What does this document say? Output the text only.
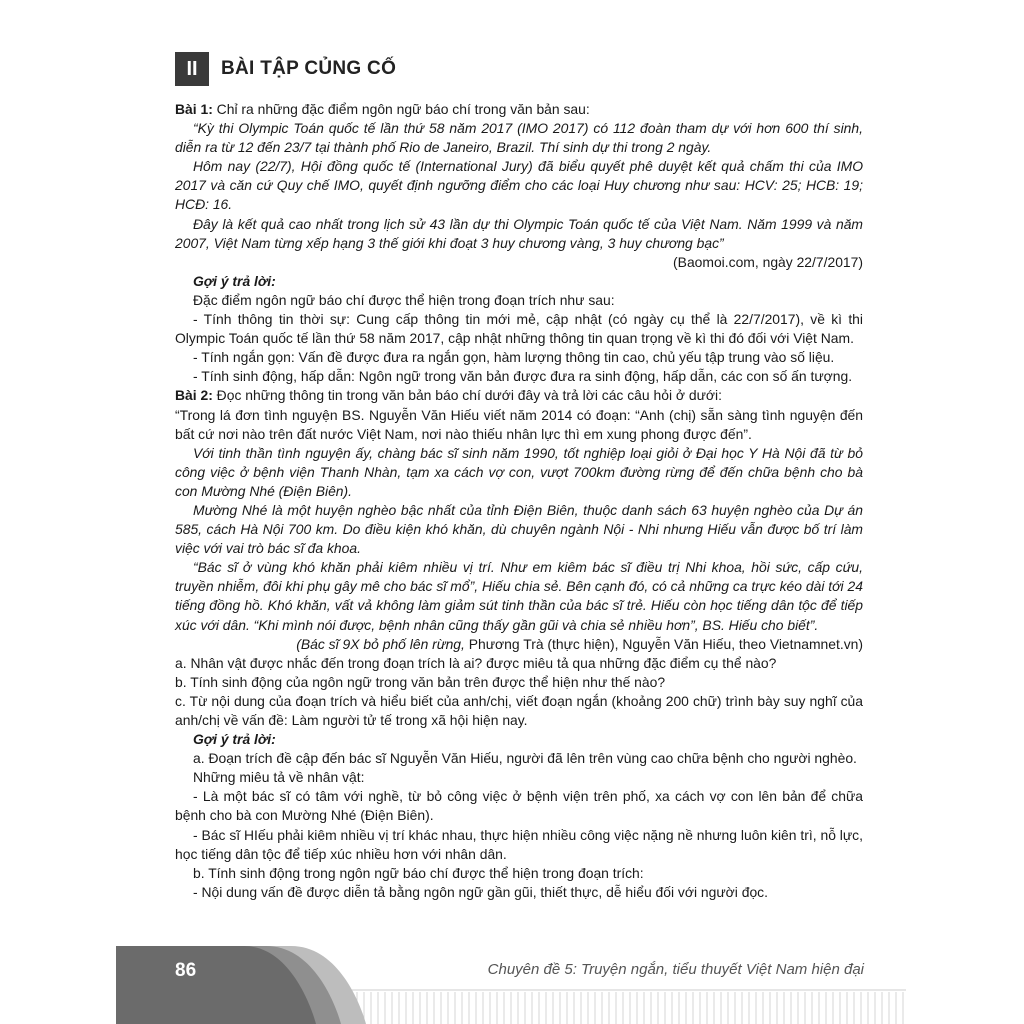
II	BÀI TẬP CỦNG CỐ

Bài 1: Chỉ ra những đặc điểm ngôn ngữ báo chí trong văn bản sau:

“Kỳ thi Olympic Toán quốc tế lần thứ 58 năm 2017 (IMO 2017) có 112 đoàn tham dự với hơn 600 thí sinh, diễn ra từ 12 đến 23/7 tại thành phố Rio de Janeiro, Brazil. Thí sinh dự thi trong 2 ngày.

Hôm nay (22/7), Hội đồng quốc tế (International Jury) đã biểu quyết phê duyệt kết quả chấm thi của IMO 2017 và căn cứ Quy chế IMO, quyết định ngưỡng điểm cho các loại Huy chương như sau: HCV: 25; HCB: 19; HCĐ: 16.

Đây là kết quả cao nhất trong lịch sử 43 lần dự thi Olympic Toán quốc tế của Việt Nam. Năm 1999 và năm 2007, Việt Nam từng xếp hạng 3 thế giới khi đoạt 3 huy chương vàng, 3 huy chương bạc”

(Baomoi.com, ngày 22/7/2017)

Gợi ý trả lời:

Đặc điểm ngôn ngữ báo chí được thể hiện trong đoạn trích như sau:

- Tính thông tin thời sự: Cung cấp thông tin mới mẻ, cập nhật (có ngày cụ thể là 22/7/2017), về kì thi Olympic Toán quốc tế lần thứ 58 năm 2017, cập nhật những thông tin quan trọng về kì thi đó đối với Việt Nam.

- Tính ngắn gọn: Vấn đề được đưa ra ngắn gọn, hàm lượng thông tin cao, chủ yếu tập trung vào số liệu.

- Tính sinh động, hấp dẫn: Ngôn ngữ trong văn bản được đưa ra sinh động, hấp dẫn, các con số ấn tượng.

Bài 2: Đọc những thông tin trong văn bản báo chí dưới đây và trả lời các câu hỏi ở dưới:

“Trong lá đơn tình nguyện BS. Nguyễn Văn Hiếu viết năm 2014 có đoạn: “Anh (chị) sẵn sàng tình nguyện đến bất cứ nơi nào trên đất nước Việt Nam, nơi nào thiếu nhân lực thì em xung phong được đến”.

Với tinh thần tình nguyện ấy, chàng bác sĩ sinh năm 1990, tốt nghiệp loại giỏi ở Đại học Y Hà Nội đã từ bỏ công việc ở bệnh viện Thanh Nhàn, tạm xa cách vợ con, vượt 700km đường rừng để đến chữa bệnh cho bà con Mường Nhé (Điện Biên).

Mường Nhé là một huyện nghèo bậc nhất của tỉnh Điện Biên, thuộc danh sách 63 huyện nghèo của Dự án 585, cách Hà Nội 700 km. Do điều kiện khó khăn, dù chuyên ngành Nội - Nhi nhưng Hiếu vẫn được bố trí làm việc với vai trò bác sĩ đa khoa.

“Bác sĩ ở vùng khó khăn phải kiêm nhiều vị trí. Như em kiêm bác sĩ điều trị Nhi khoa, hồi sức, cấp cứu, truyền nhiễm, đôi khi phụ gây mê cho bác sĩ mổ”, Hiếu chia sẻ. Bên cạnh đó, có cả những ca trực kéo dài tới 24 tiếng đồng hồ. Khó khăn, vất vả không làm giảm sút tinh thần của bác sĩ trẻ. Hiếu còn học tiếng dân tộc để tiếp xúc với dân. “Khi mình nói được, bệnh nhân cũng thấy gần gũi và chia sẻ nhiều hơn”, BS. Hiếu cho biết”.

(Bác sĩ 9X bỏ phố lên rừng, Phương Trà (thực hiện), Nguyễn Văn Hiếu, theo Vietnamnet.vn)

a. Nhân vật được nhắc đến trong đoạn trích là ai? được miêu tả qua những đặc điểm cụ thể nào?

b. Tính sinh động của ngôn ngữ trong văn bản trên được thể hiện như thế nào?

c. Từ nội dung của đoạn trích và hiểu biết của anh/chị, viết đoạn ngắn (khoảng 200 chữ) trình bày suy nghĩ của anh/chị về vấn đề: Làm người tử tế trong xã hội hiện nay.

Gợi ý trả lời:

a. Đoạn trích đề cập đến bác sĩ Nguyễn Văn Hiếu, người đã lên trên vùng cao chữa bệnh cho người nghèo.

Những miêu tả về nhân vật:

- Là một bác sĩ có tâm với nghề, từ bỏ công việc ở bệnh viện trên phố, xa cách vợ con lên bản để chữa bệnh cho bà con Mường Nhé (Điện Biên).

- Bác sĩ HIếu phải kiêm nhiều vị trí khác nhau, thực hiện nhiều công việc nặng nề nhưng luôn kiên trì, nỗ lực, học tiếng dân tộc để tiếp xúc nhiều hơn với nhân dân.

b. Tính sinh động trong ngôn ngữ báo chí được thể hiện trong đoạn trích:

- Nội dung vấn đề được diễn tả bằng ngôn ngữ gần gũi, thiết thực, dễ hiểu đối với người đọc.

86	Chuyên đề 5: Truyện ngắn, tiểu thuyết Việt Nam hiện đại
